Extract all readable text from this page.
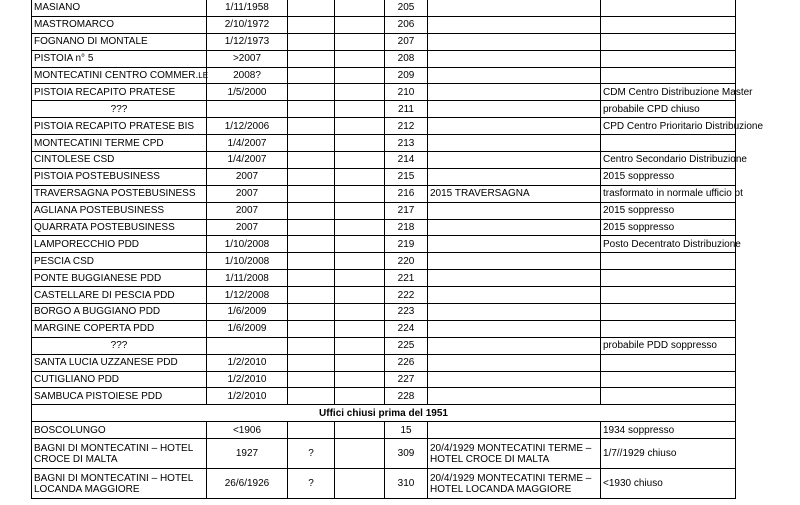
MASIANO	1/11/1958			205		
MASTROMARCO	2/10/1972			206		
FOGNANO DI MONTALE	1/12/1973			207		
PISTOIA n° 5	>2007			208		
MONTECATINI CENTRO COMMER.LE	2008?			209		
PISTOIA RECAPITO PRATESE	1/5/2000			210		CDM Centro Distribuzione Master
???				211		probabile CPD chiuso
PISTOIA RECAPITO PRATESE BIS	1/12/2006			212		CPD Centro Prioritario Distribuzione
MONTECATINI TERME CPD	1/4/2007			213		
CINTOLESE CSD	1/4/2007			214		Centro Secondario Distribuzione
PISTOIA POSTEBUSINESS	2007			215		2015 soppresso
TRAVERSAGNA POSTEBUSINESS	2007			216	2015 TRAVERSAGNA	trasformato in normale ufficio pt
AGLIANA POSTEBUSINESS	2007			217		2015 soppresso
QUARRATA POSTEBUSINESS	2007			218		2015 soppresso
LAMPORECCHIO PDD	1/10/2008			219		Posto Decentrato Distribuzione
PESCIA CSD	1/10/2008			220		
PONTE BUGGIANESE PDD	1/11/2008			221		
CASTELLARE DI PESCIA PDD	1/12/2008			222		
BORGO A BUGGIANO PDD	1/6/2009			223		
MARGINE COPERTA PDD	1/6/2009			224		
???				225		probabile PDD soppresso
SANTA LUCIA UZZANESE PDD	1/2/2010			226		
CUTIGLIANO PDD	1/2/2010			227		
SAMBUCA PISTOIESE PDD	1/2/2010			228		
Uffici chiusi prima del 1951						
BOSCOLUNGO	<1906			15		1934 soppresso
BAGNI DI MONTECATINI – HOTEL CROCE DI MALTA	1927	?		309	20/4/1929 MONTECATINI TERME – HOTEL CROCE DI MALTA	1/7//1929 chiuso
BAGNI DI MONTECATINI – HOTEL LOCANDA MAGGIORE	26/6/1926	?		310	20/4/1929 MONTECATINI TERME – HOTEL LOCANDA MAGGIORE	<1930 chiuso
